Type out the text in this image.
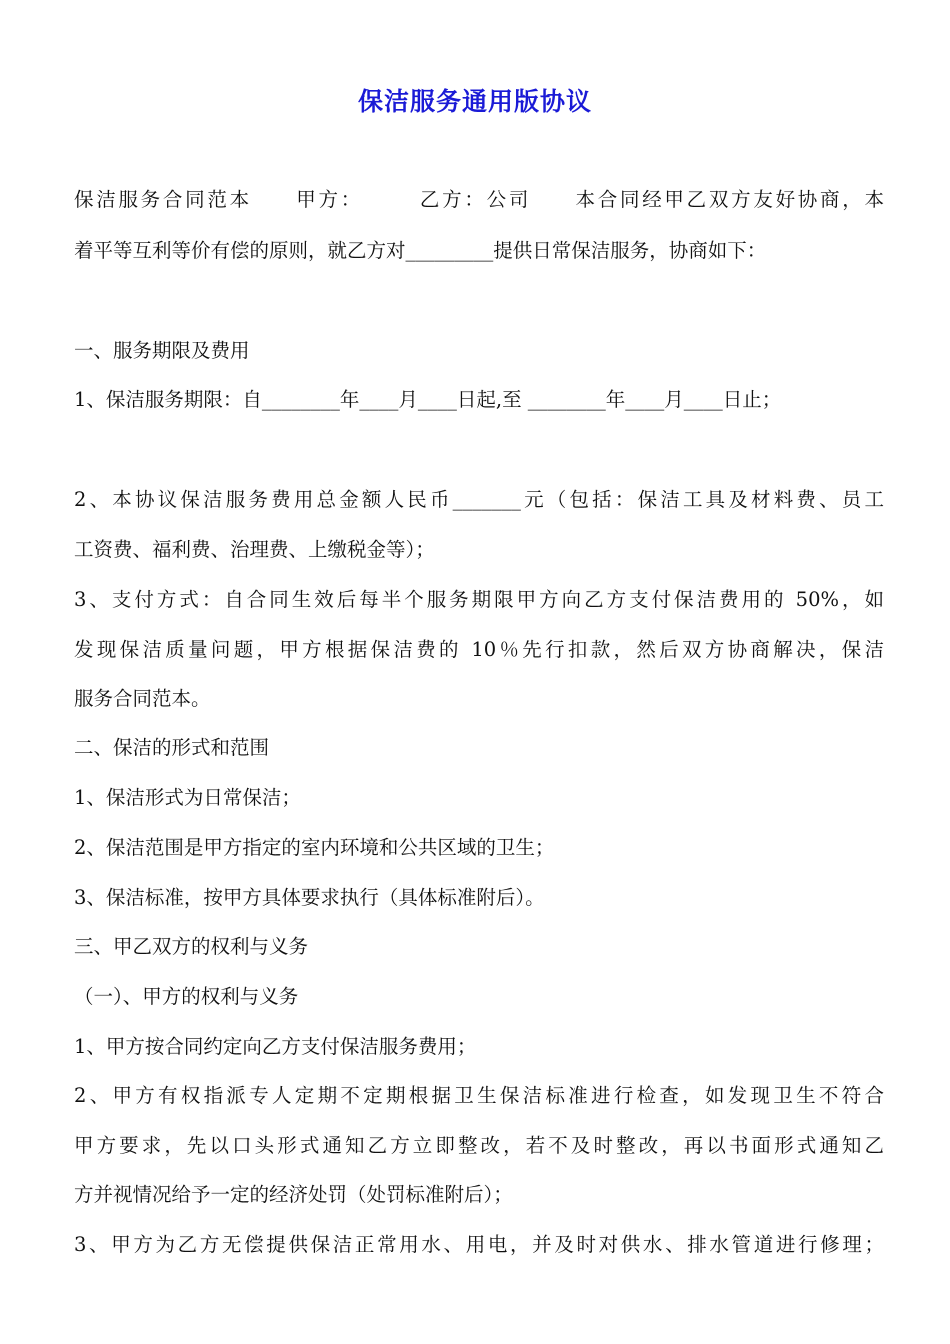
保洁服务通用版协议
保洁服务合同范本　　甲方：　　　乙方：公司　　本合同经甲乙双方友好协商，本
着平等互利等价有偿的原则，就乙方对_________提供日常保洁服务，协商如下：
一、服务期限及费用
1、保洁服务期限：自________年____月____日起,至 ________年____月____日止；
2、本协议保洁服务费用总金额人民币_______元（包括：保洁工具及材料费、员工
工资费、福利费、治理费、上缴税金等）；
3、支付方式：自合同生效后每半个服务期限甲方向乙方支付保洁费用的 50%，如
发现保洁质量问题，甲方根据保洁费的 10％先行扣款，然后双方协商解决，保洁
服务合同范本。
二、保洁的形式和范围
1、保洁形式为日常保洁；
2、保洁范围是甲方指定的室内环境和公共区域的卫生；
3、保洁标准，按甲方具体要求执行（具体标准附后）。
三、甲乙双方的权利与义务
（一）、甲方的权利与义务
1、甲方按合同约定向乙方支付保洁服务费用；
2、甲方有权指派专人定期不定期根据卫生保洁标准进行检查，如发现卫生不符合
甲方要求，先以口头形式通知乙方立即整改，若不及时整改，再以书面形式通知乙
方并视情况给予一定的经济处罚（处罚标准附后）；
3、甲方为乙方无偿提供保洁正常用水、用电，并及时对供水、排水管道进行修理；
